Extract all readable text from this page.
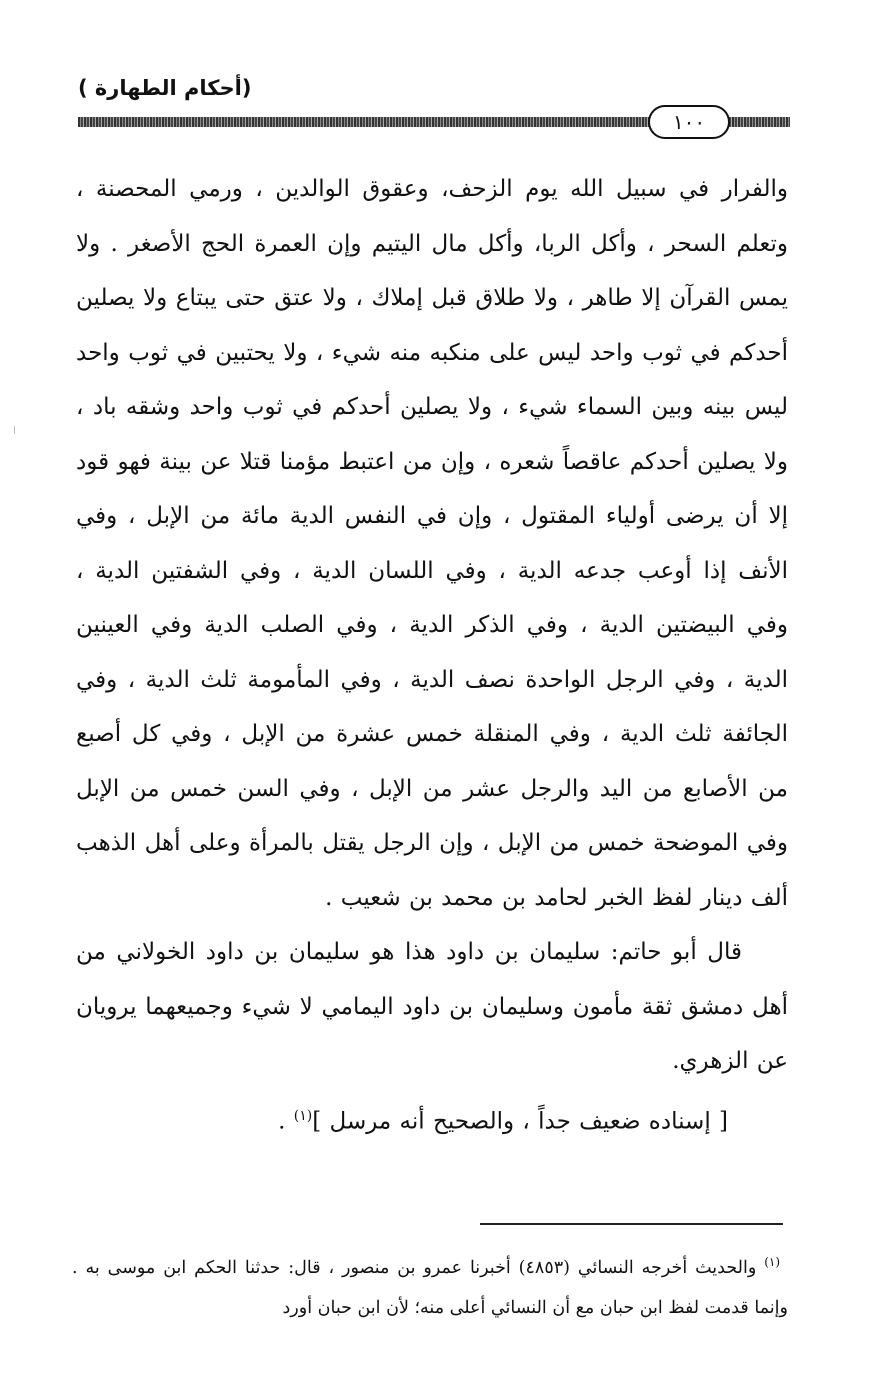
(أحكام الطهارة )
١٠٠

والفرار في سبيل الله يوم الزحف، وعقوق الوالدين ، ورمي المحصنة ، وتعلم السحر ، وأكل الربا، وأكل مال اليتيم وإن العمرة الحج الأصغر . ولا يمس القرآن إلا طاهر ، ولا طلاق قبل إملاك ، ولا عتق حتى يبتاع ولا يصلين أحدكم في ثوب واحد ليس على منكبه منه شيء ، ولا يحتبين في ثوب واحد ليس بينه وبين السماء شيء ، ولا يصلين أحدكم في ثوب واحد وشقه باد ، ولا يصلين أحدكم عاقصاً شعره ، وإن من اعتبط مؤمنا قتلا عن بينة فهو قود إلا أن يرضى أولياء المقتول ، وإن في النفس الدية مائة من الإبل ، وفي الأنف إذا أوعب جدعه الدية ، وفي اللسان الدية ، وفي الشفتين الدية ، وفي البيضتين الدية ، وفي الذكر الدية ، وفي الصلب الدية وفي العينين الدية ، وفي الرجل الواحدة نصف الدية ، وفي المأمومة ثلث الدية ، وفي الجائفة ثلث الدية ، وفي المنقلة خمس عشرة من الإبل ، وفي كل أصبع من الأصابع من اليد والرجل عشر من الإبل ، وفي السن خمس من الإبل وفي الموضحة خمس من الإبل ، وإن الرجل يقتل بالمرأة وعلى أهل الذهب ألف دينار لفظ الخبر لحامد بن محمد بن شعيب .

قال أبو حاتم: سليمان بن داود هذا هو سليمان بن داود الخولاني من أهل دمشق ثقة مأمون وسليمان بن داود اليمامي لا شيء وجميعهما يرويان عن الزهري.

[ إسناده ضعيف جداً ، والصحيح أنه مرسل ]$^{(١)}$ .

$^{(١)}$ والحديث أخرجه النسائي (٤٨٥٣) أخبرنا عمرو بن منصور ، قال: حدثنا الحكم ابن موسى به . وإنما قدمت لفظ ابن حبان مع أن النسائي أعلى منه؛ لأن ابن حبان أورد
